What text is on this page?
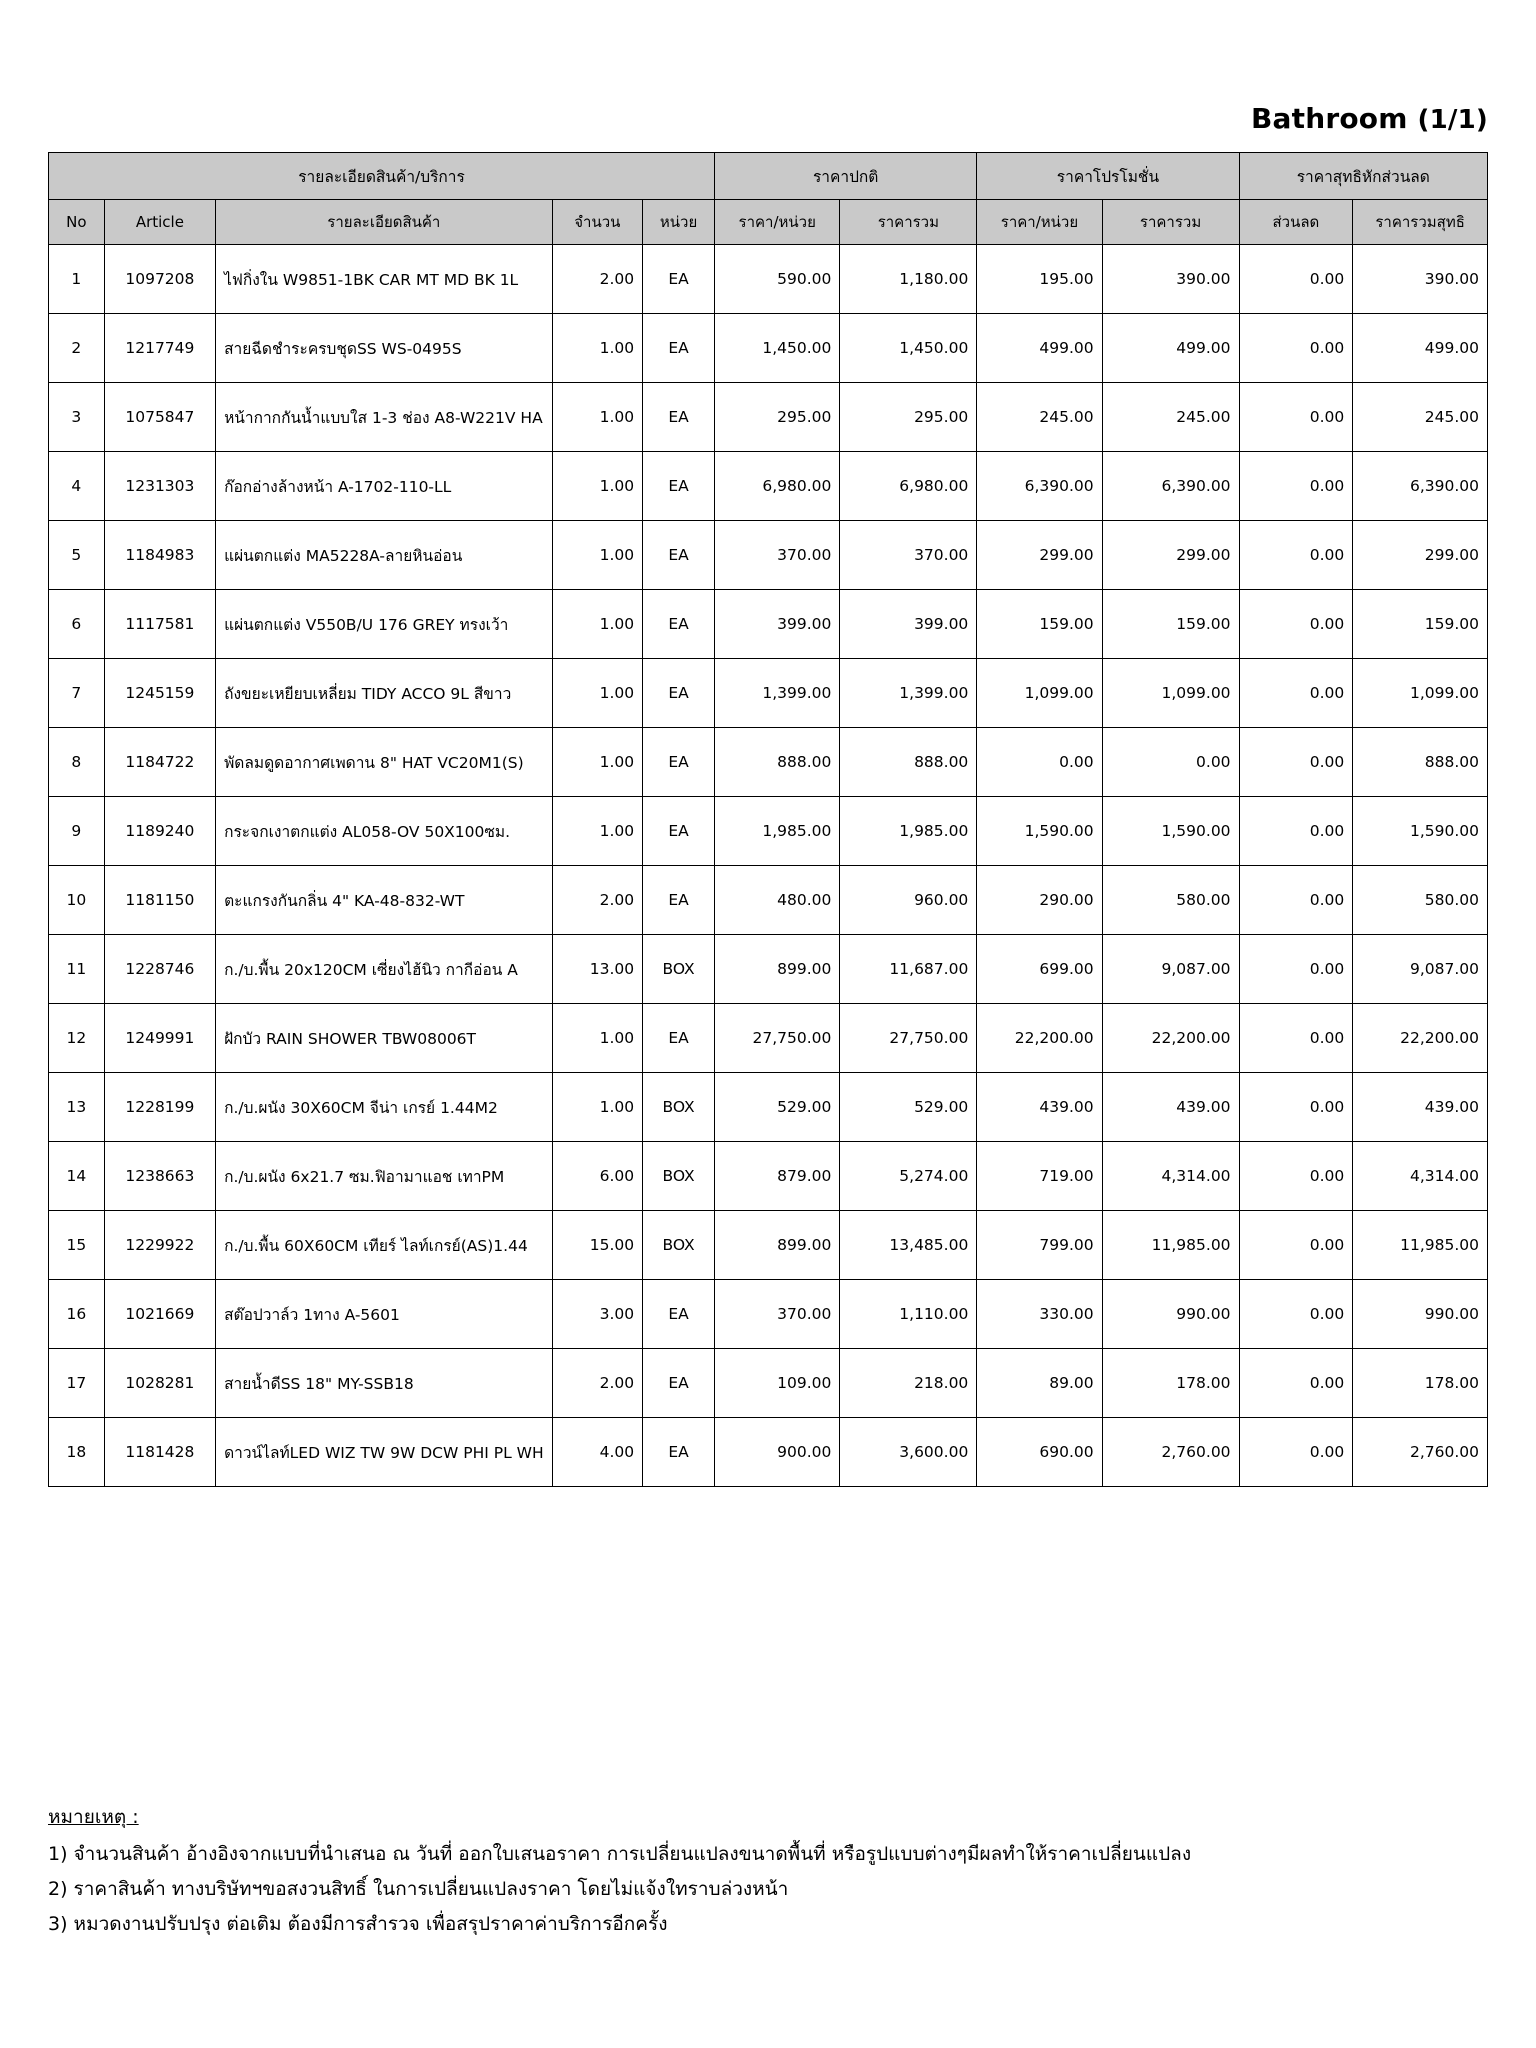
Bathroom (1/1)
รายละเอียดสินค้า/บริการ					ราคาปกติ		ราคาโปรโมชั่น		ราคาสุทธิหักส่วนลด	
No	Article	รายละเอียดสินค้า	จำนวน	หน่วย	ราคา/หน่วย	ราคารวม	ราคา/หน่วย	ราคารวม	ส่วนลด	ราคารวมสุทธิ
1	1097208	ไฟกิ่งใน W9851-1BK CAR MT MD BK 1L	2.00	EA	590.00	1,180.00	195.00	390.00	0.00	390.00
2	1217749	สายฉีดชำระครบชุดSS WS-0495S	1.00	EA	1,450.00	1,450.00	499.00	499.00	0.00	499.00
3	1075847	หน้ากากกันน้ำแบบใส 1-3 ช่อง A8-W221V HA	1.00	EA	295.00	295.00	245.00	245.00	0.00	245.00
4	1231303	ก๊อกอ่างล้างหน้า A-1702-110-LL	1.00	EA	6,980.00	6,980.00	6,390.00	6,390.00	0.00	6,390.00
5	1184983	แผ่นตกแต่ง MA5228A-ลายหินอ่อน	1.00	EA	370.00	370.00	299.00	299.00	0.00	299.00
6	1117581	แผ่นตกแต่ง V550B/U 176 GREY ทรงเว้า	1.00	EA	399.00	399.00	159.00	159.00	0.00	159.00
7	1245159	ถังขยะเหยียบเหลี่ยม TIDY ACCO 9L สีขาว	1.00	EA	1,399.00	1,399.00	1,099.00	1,099.00	0.00	1,099.00
8	1184722	พัดลมดูดอากาศเพดาน 8" HAT VC20M1(S)	1.00	EA	888.00	888.00	0.00	0.00	0.00	888.00
9	1189240	กระจกเงาตกแต่ง AL058-OV 50X100ซม.	1.00	EA	1,985.00	1,985.00	1,590.00	1,590.00	0.00	1,590.00
10	1181150	ตะแกรงกันกลิ่น 4" KA-48-832-WT	2.00	EA	480.00	960.00	290.00	580.00	0.00	580.00
11	1228746	ก./บ.พื้น 20x120CM เซี่ยงไฮ้นิว กากีอ่อน A	13.00	BOX	899.00	11,687.00	699.00	9,087.00	0.00	9,087.00
12	1249991	ฝักบัว RAIN SHOWER TBW08006T	1.00	EA	27,750.00	27,750.00	22,200.00	22,200.00	0.00	22,200.00
13	1228199	ก./บ.ผนัง 30X60CM จีน่า เกรย์ 1.44M2	1.00	BOX	529.00	529.00	439.00	439.00	0.00	439.00
14	1238663	ก./บ.ผนัง 6x21.7 ซม.ฟิอามาแอช เทาPM	6.00	BOX	879.00	5,274.00	719.00	4,314.00	0.00	4,314.00
15	1229922	ก./บ.พื้น 60X60CM เทียร์ ไลท์เกรย์(AS)1.44	15.00	BOX	899.00	13,485.00	799.00	11,985.00	0.00	11,985.00
16	1021669	สต๊อปวาล์ว 1ทาง A-5601	3.00	EA	370.00	1,110.00	330.00	990.00	0.00	990.00
17	1028281	สายน้ำดีSS 18" MY-SSB18	2.00	EA	109.00	218.00	89.00	178.00	0.00	178.00
18	1181428	ดาวน์ไลท์LED WIZ TW 9W DCW PHI PL WH	4.00	EA	900.00	3,600.00	690.00	2,760.00	0.00	2,760.00
หมายเหตุ :
1) จำนวนสินค้า อ้างอิงจากแบบที่นำเสนอ ณ วันที่ ออกใบเสนอราคา การเปลี่ยนแปลงขนาดพื้นที่ หรือรูปแบบต่างๆมีผลทำให้ราคาเปลี่ยนแปลง
2) ราคาสินค้า ทางบริษัทฯขอสงวนสิทธิ์ ในการเปลี่ยนแปลงราคา โดยไม่แจ้งใทราบล่วงหน้า
3) หมวดงานปรับปรุง ต่อเติม ต้องมีการสำรวจ เพื่อสรุปราคาค่าบริการอีกครั้ง
